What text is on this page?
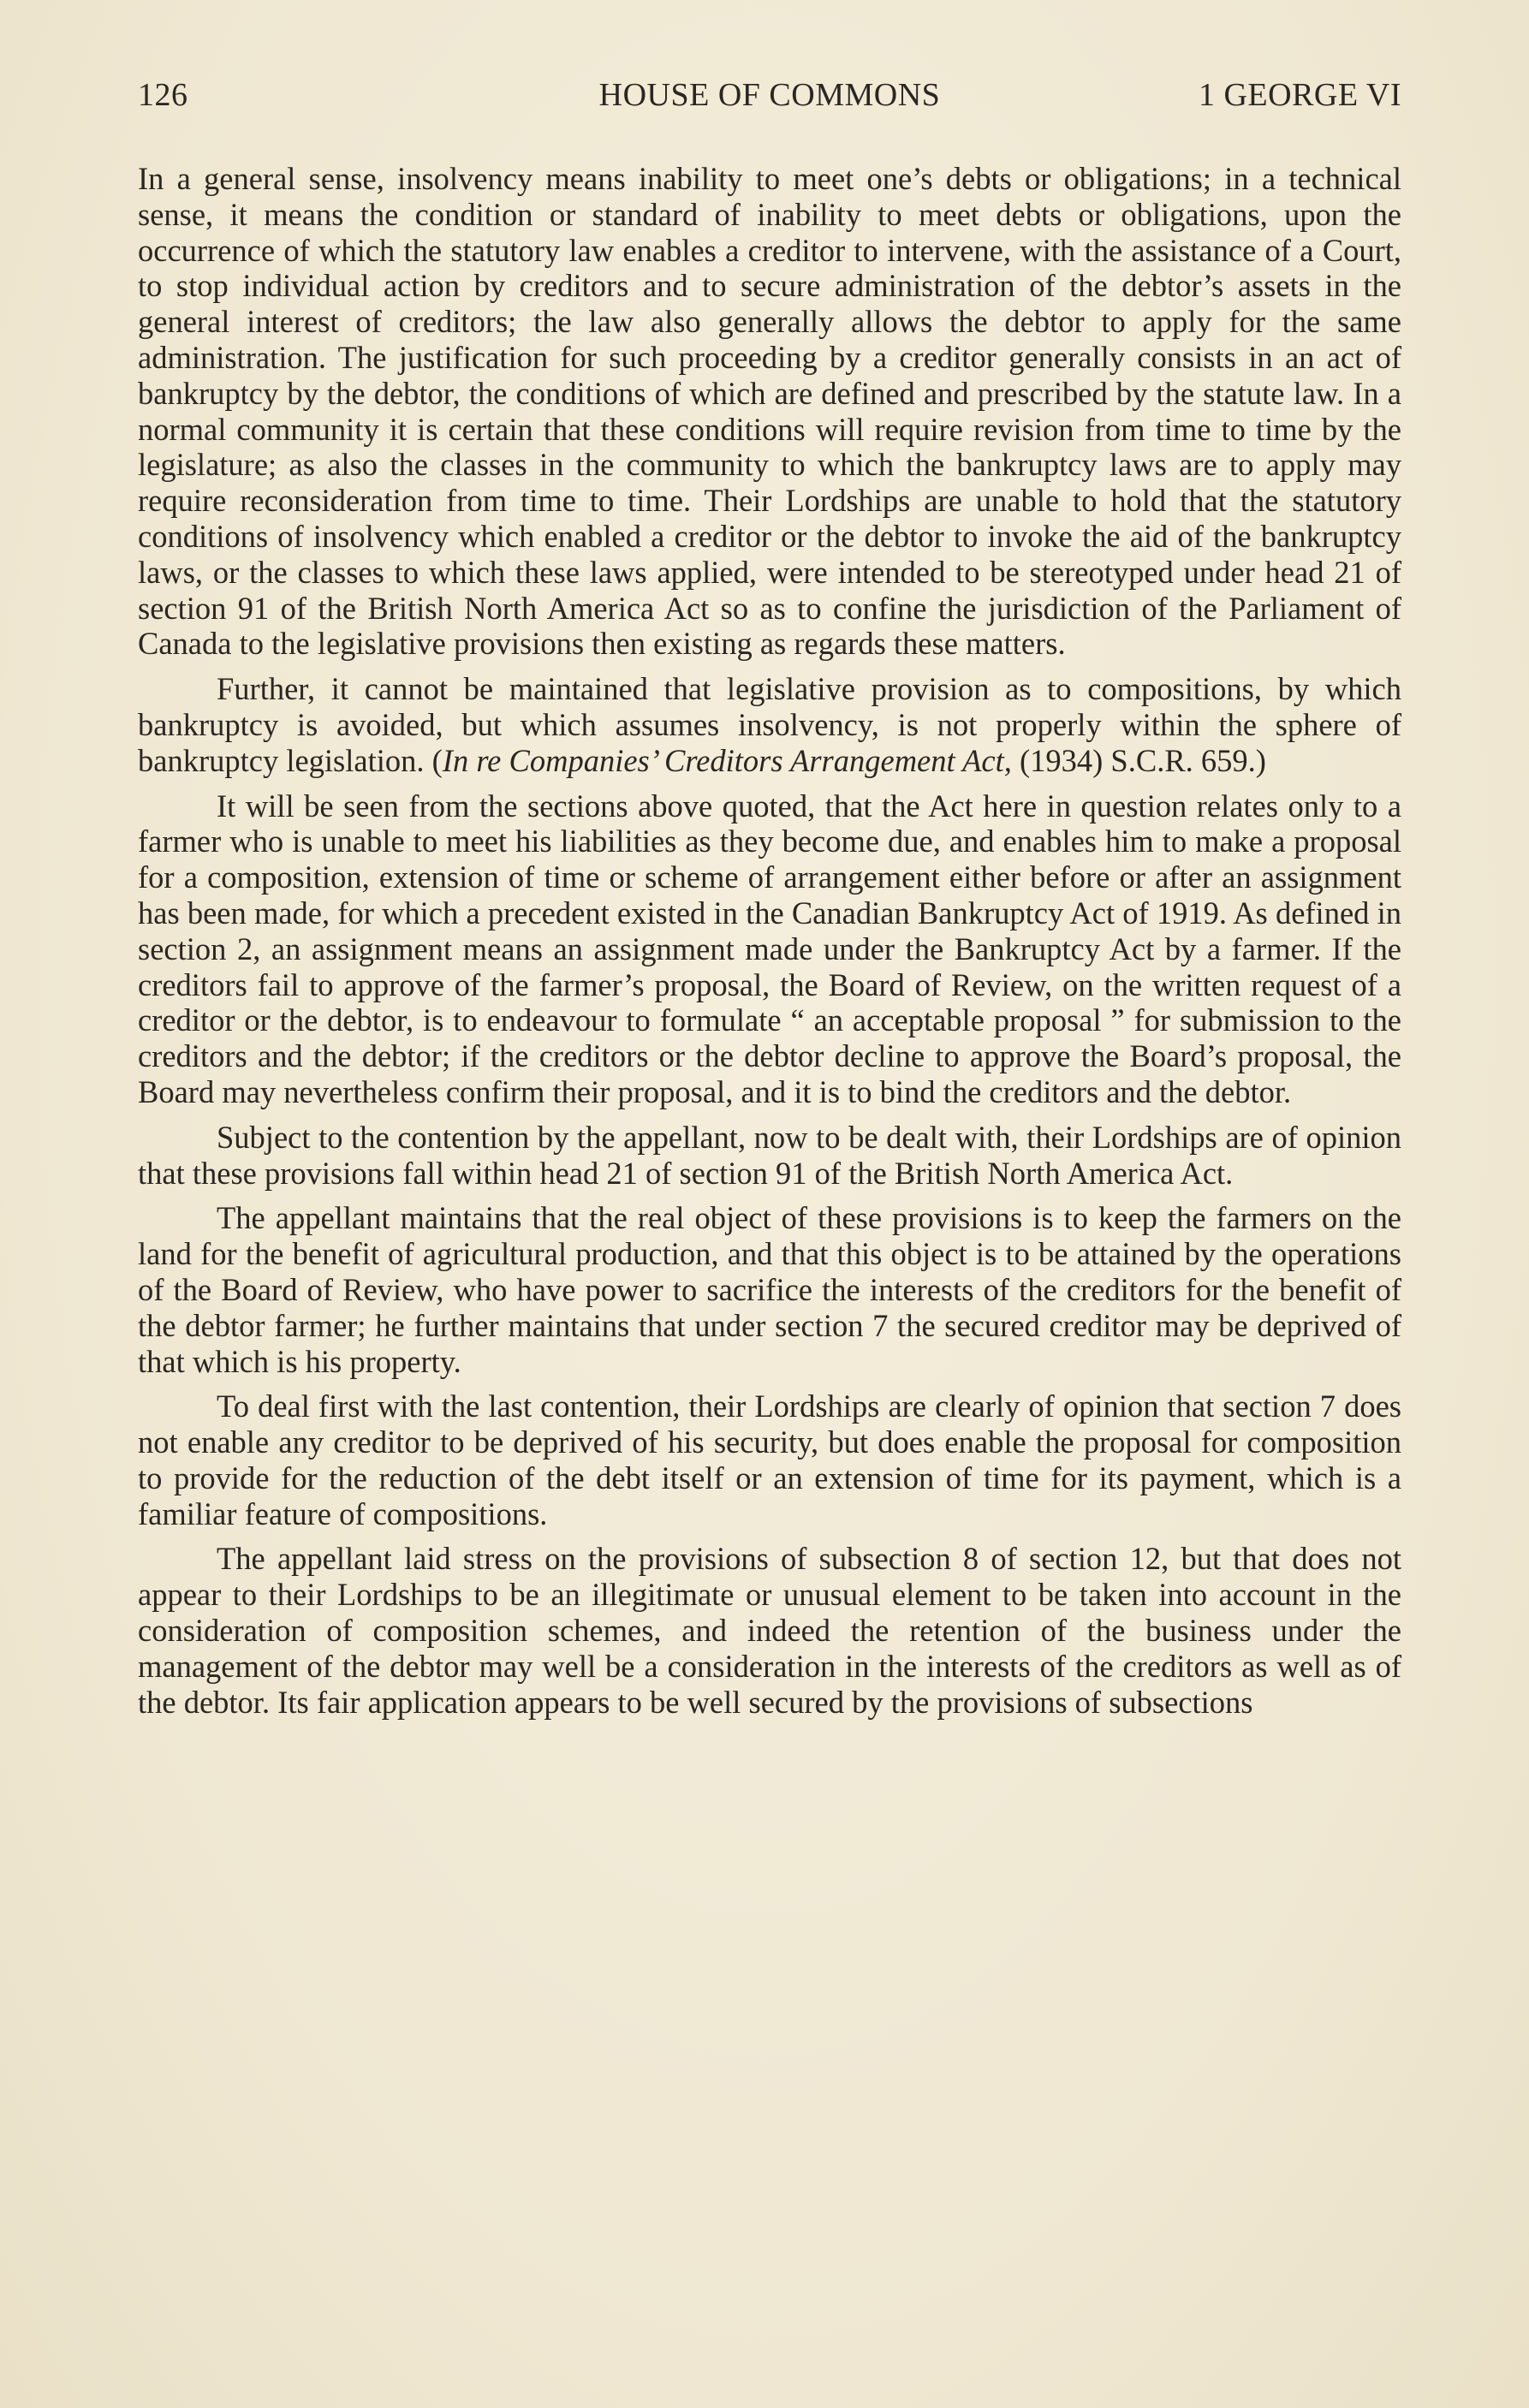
126	HOUSE OF COMMONS	1 GEORGE VI

In a general sense, insolvency means inability to meet one’s debts or obligations; in a technical sense, it means the condition or standard of inability to meet debts or obligations, upon the occurrence of which the statutory law enables a creditor to intervene, with the assistance of a Court, to stop individual action by creditors and to secure administration of the debtor’s assets in the general interest of creditors; the law also generally allows the debtor to apply for the same administration. The justification for such proceeding by a creditor generally consists in an act of bankruptcy by the debtor, the conditions of which are defined and prescribed by the statute law. In a normal community it is certain that these conditions will require revision from time to time by the legislature; as also the classes in the community to which the bankruptcy laws are to apply may require reconsideration from time to time. Their Lordships are unable to hold that the statutory conditions of insolvency which enabled a creditor or the debtor to invoke the aid of the bankruptcy laws, or the classes to which these laws applied, were intended to be stereotyped under head 21 of section 91 of the British North America Act so as to confine the jurisdiction of the Parliament of Canada to the legislative provisions then existing as regards these matters.

Further, it cannot be maintained that legislative provision as to compositions, by which bankruptcy is avoided, but which assumes insolvency, is not properly within the sphere of bankruptcy legislation. (In re Companies’ Creditors Arrangement Act, (1934) S.C.R. 659.)

It will be seen from the sections above quoted, that the Act here in question relates only to a farmer who is unable to meet his liabilities as they become due, and enables him to make a proposal for a composition, extension of time or scheme of arrangement either before or after an assignment has been made, for which a precedent existed in the Canadian Bankruptcy Act of 1919. As defined in section 2, an assignment means an assignment made under the Bankruptcy Act by a farmer. If the creditors fail to approve of the farmer’s proposal, the Board of Review, on the written request of a creditor or the debtor, is to endeavour to formulate “ an acceptable proposal ” for submission to the creditors and the debtor; if the creditors or the debtor decline to approve the Board’s proposal, the Board may nevertheless confirm their proposal, and it is to bind the creditors and the debtor.

Subject to the contention by the appellant, now to be dealt with, their Lordships are of opinion that these provisions fall within head 21 of section 91 of the British North America Act.

The appellant maintains that the real object of these provisions is to keep the farmers on the land for the benefit of agricultural production, and that this object is to be attained by the operations of the Board of Review, who have power to sacrifice the interests of the creditors for the benefit of the debtor farmer; he further maintains that under section 7 the secured creditor may be deprived of that which is his property.

To deal first with the last contention, their Lordships are clearly of opinion that section 7 does not enable any creditor to be deprived of his security, but does enable the proposal for composition to provide for the reduction of the debt itself or an extension of time for its payment, which is a familiar feature of compositions.

The appellant laid stress on the provisions of subsection 8 of section 12, but that does not appear to their Lordships to be an illegitimate or unusual element to be taken into account in the consideration of composition schemes, and indeed the retention of the business under the management of the debtor may well be a consideration in the interests of the creditors as well as of the debtor. Its fair application appears to be well secured by the provisions of subsections
